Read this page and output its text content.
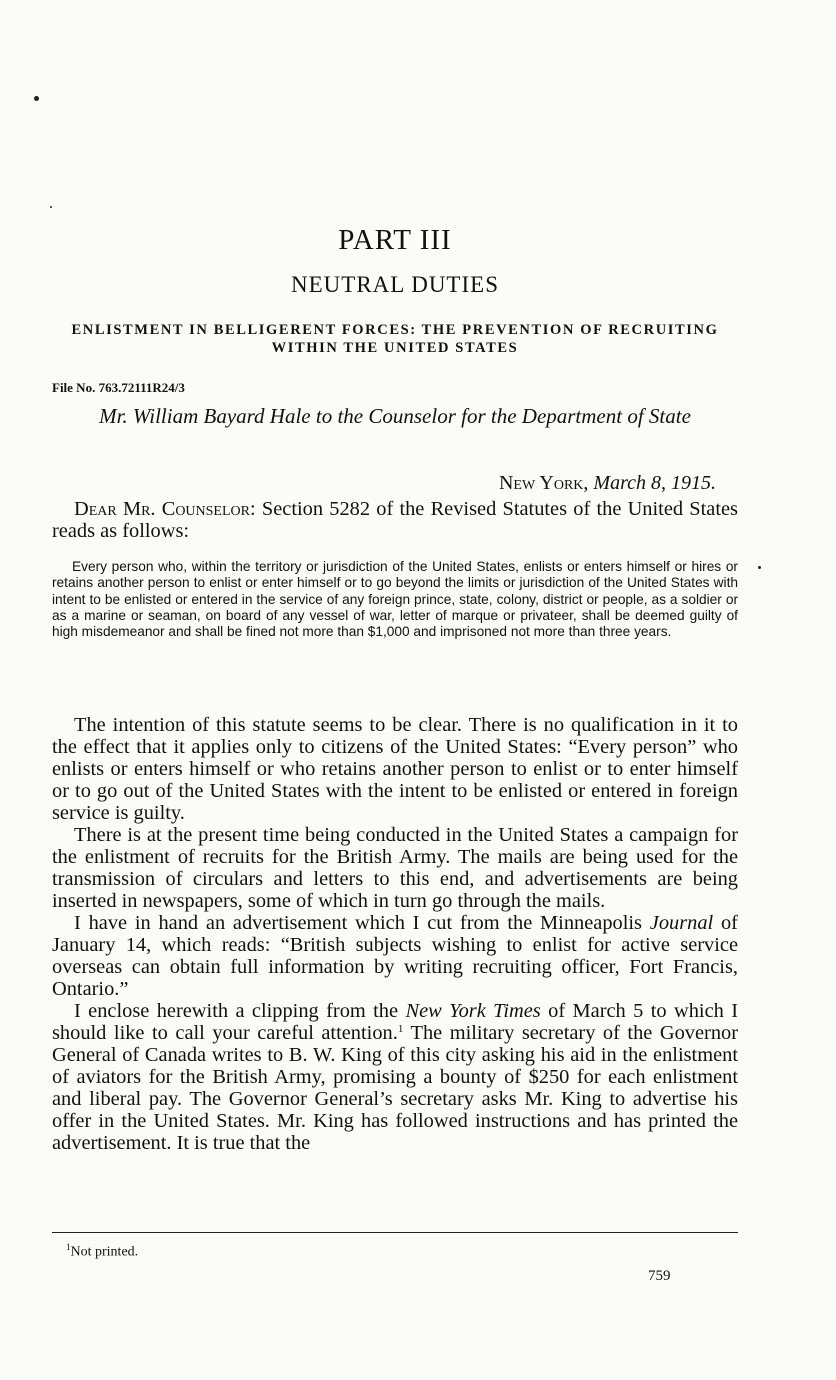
PART III
NEUTRAL DUTIES
ENLISTMENT IN BELLIGERENT FORCES: THE PREVENTION OF RECRUITING WITHIN THE UNITED STATES
File No. 763.72111R24/3
Mr. William Bayard Hale to the Counselor for the Department of State
New York, March 8, 1915.

Dear Mr. Counselor: Section 5282 of the Revised Statutes of the United States reads as follows:

Every person who, within the territory or jurisdiction of the United States, enlists or enters himself or hires or retains another person to enlist or enter himself or to go beyond the limits or jurisdiction of the United States with intent to be enlisted or entered in the service of any foreign prince, state, colony, district or people, as a soldier or as a marine or seaman, on board of any vessel of war, letter of marque or privateer, shall be deemed guilty of high misdemeanor and shall be fined not more than $1,000 and imprisoned not more than three years.

The intention of this statute seems to be clear. There is no qualification in it to the effect that it applies only to citizens of the United States: “Every person” who enlists or enters himself or who retains another person to enlist or to enter himself or to go out of the United States with the intent to be enlisted or entered in foreign service is guilty.

There is at the present time being conducted in the United States a campaign for the enlistment of recruits for the British Army. The mails are being used for the transmission of circulars and letters to this end, and advertisements are being inserted in newspapers, some of which in turn go through the mails.

I have in hand an advertisement which I cut from the Minneapolis Journal of January 14, which reads: “British subjects wishing to enlist for active service overseas can obtain full information by writing recruiting officer, Fort Francis, Ontario.”

I enclose herewith a clipping from the New York Times of March 5 to which I should like to call your careful attention.$^1$ The military secretary of the Governor General of Canada writes to B. W. King of this city asking his aid in the enlistment of aviators for the British Army, promising a bounty of $250 for each enlistment and liberal pay. The Governor General’s secretary asks Mr. King to advertise his offer in the United States. Mr. King has followed instructions and has printed the advertisement. It is true that the

$^1$Not printed.
759
